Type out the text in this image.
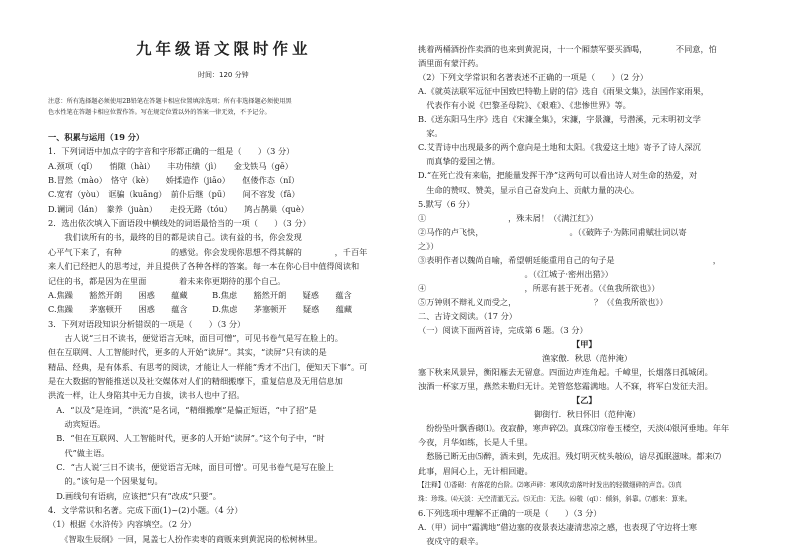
九年级语文限时作业
时间：120 分钟
注意：所有选择题必须使用2B铅笔在答题卡相应位置填涂选项；所有非选择题必须使用黑
色水性笔在答题卡相应位置作答。写在规定位置以外的答案一律无效，不予记分。
一、积累与运用（19 分）
1．下列词语中加点字的字音和字形都正确的一组是（　　）（3 分）
A.颈项（qǐ）　　悄隙（hài）　　丰功伟绩（jì）　　金戈铁马（gē）
B.冒然（mào）　恪守（kè）　　娇揉造作（jiāo）　　伛偻作态（nǐ）
C.宽宥（yòu）　诓骗（kuāng）　前仆后继（pū）　　间不容发（fā）
D.谰词（lán）　豢养（juàn）　　走投无路（tóu）　　鸠占鹊巢（què）
2．选出依次填入下面语段中横线处的词语最恰当的一项（　　）（3 分）
　　我们读所有的书，最终的目的都是读自己。读有益的书，你会发现
心平气下来了，有种　　　　　　的感觉。你会发现你思想不得其解的　　　　，千百年
来人们已经把人的思考过，并且提供了各种各样的答案。每一本在你心目中值得阅读和
记住的书，都是因为在里面　　　　着未来你更期待的那个自己。
A.焦躁　　豁然开朗　　困惑　　蕴藏　　　B.焦虑　　豁然开朗　　疑惑　　蕴含
C.焦躁　　茅塞顿开　　困惑　　蕴含　　　D.焦虑　　茅塞顿开　　疑惑　　蕴藏
3．下列对语段知识分析错误的一项是（　　）（3 分）
　　古人说“三日不读书，便觉语言无味，面目可憎”，可见书卷气是写在脸上的。
但在互联网、人工智能时代，更多的人开始“读屏”。其实，“读屏”只有读的是
精品、经典，是有体系、有思考的阅读，才能让人一样能“秀才不出门，便知天下事”。可
是在大数据的智能推送以及社交媒体对人们的精细搬摩下，重复信息及无用信息加
洪流一样，让人身陷其中无力自拔，读书人也中了招。
　A．“以及”是连词，“洪流”是名词，“精细搬摩”是偏正短语，“中了招”是
　　动宾短语。
　B．“但在互联网、人工智能时代，更多的人开始“读屏”。”这个句子中，“时
　　代”做主语。
　C．“古人说‘三日不读书，便觉语言无味，面目可憎’。可见书卷气是写在脸上
　　的。”该句是一个因果复句。
　D.画线句有语病，应该把“只有”改成“只要”。
4．文学常识和名著。完成下面(1)~(2)小题。（4 分）
（1）根据《水浒传》内容填空。（2 分）
　　《智取生辰纲》一回，晁盖七人扮作卖枣的商贩来到黄泥岗的松树林里。
挑着两桶酒扮作卖酒的也来到黄泥岗，十一个厢禁军要买酒喝，　　　　不同意，怕
酒里面有蒙汗药。
（2）下列文学常识和名著表述不正确的一项是（　　）（2 分）
A.《就英法联军远征中国致巴特勒上尉的信》选自《雨果文集》，法国作家雨果，
　代表作有小说《巴黎圣母院》、《艰难》、《悲惨世界》等。
B.《送东阳马生序》选自《宋濂全集》，宋濂，字景濂，号潜溪，元末明初文学
　家。
C.艾青诗中出现最多的两个意向是土地和太阳。《我爱这土地》寄予了诗人深沉
　而真挚的爱国之情。
D.“在死亡没有来临，把能量发挥干净”这两句可以看出诗人对生命的热爱，对
　生命的赞叹、赞美，显示自己奋发向上、贡献力量的决心。
5.默写（6 分）
①　　　　　　　　　　，殊未屑！（《满江红》）
②马作的卢飞快，　　　　　　　　　　　。（《破阵子·为陈同甫赋壮词以寄
之》）
③表明作者以魏尚自喻，希望朝廷能重用自己的句子是　　　　　　　　　　　　，
　　　　　　　　　　　　　。（《江城子·密州出猎》）
④　　　　　　　　　　　　，所恶有甚于死者。（《鱼我所欲也》）
⑤万钟则不辩礼义而受之，　　　　　　　　　　？（《鱼我所欲也》）
二、古诗文阅读。（17 分）
（一）阅读下面两首诗，完成第 6 题。（3 分）
【甲】
渔家傲．秋思（范仲淹）
塞下秋来风景异，衡阳雁去无留意。四面边声连角起。千嶂里，长烟落日孤城闭。
浊酒一杯家万里，燕然未勒归无计。羌管悠悠霜满地。人不寐，将军白发征夫泪。
【乙】
御街行．秋日怀旧（范仲淹）
　纷纷坠叶飘香砌⑴。夜寂静，寒声碎⑵。真珠⑶帘卷玉楼空，天淡⑷银河垂地。年年
今夜，月华如练，长是人千里。
　愁肠已断无由⑸醉，酒未到，先成泪。残灯明灭枕头攲⑹，谙尽孤眠滋味。都来⑺
此事，眉间心上，无计相回避。
【注释】⑴香砌：有落花的台阶。⑵寒声碎：寒风吹动落叶时发出的轻微细碎的声音。⑶真
珠：珍珠。⑷天淡：天空清澈无云。⑸无由：无法。⑹攲（qī）：倾斜，斜靠。⑺都来：算来。
6.下列选项中理解不正确的一项是（　　）（3 分）
A.（甲）词中“霜满地”借边塞的夜景表达凄清悲凉之感，也表现了守边将士寒
　夜戍守的艰辛。
